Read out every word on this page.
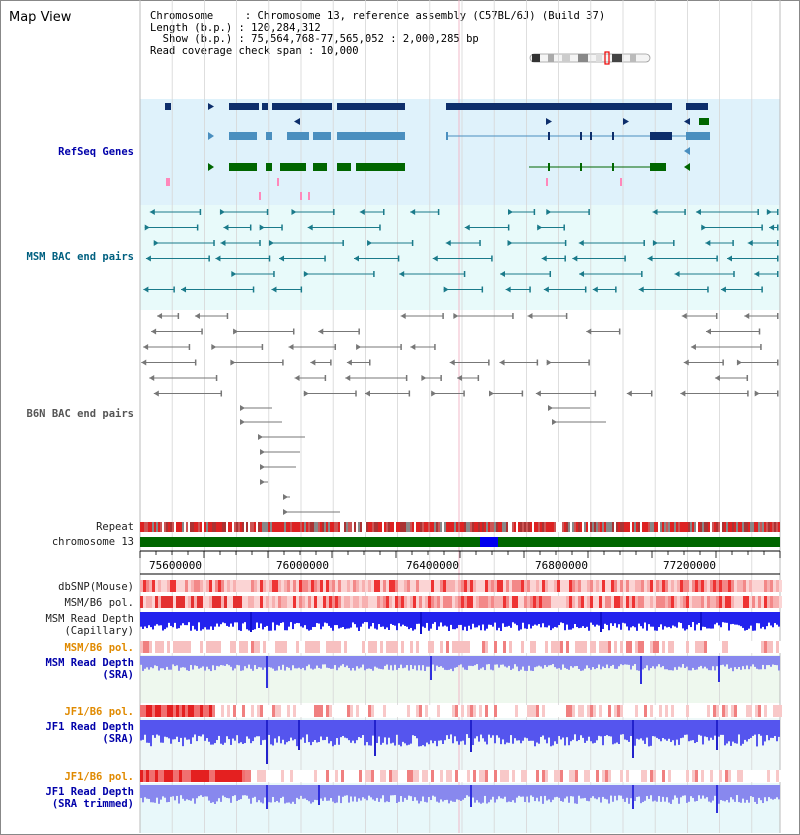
Map View	Chromosome     : Chromosome 13, reference assembly (C57BL/6J) (Build 37)
Length (b.p.) : 120,284,312
Show (b.p.) : 75,564,768-77,565,052 : 2,000,285 bp
Read coverage check span : 10,000
RefSeq Genes
MSM BAC end pairs
B6N BAC end pairs
Repeat
chromosome 13
dbSNP(Mouse)
MSM/B6 pol.
MSM Read Depth
(Capillary)
MSM/B6 pol.
MSM Read Depth
(SRA)
JF1/B6 pol.
JF1 Read Depth
(SRA)
JF1/B6 pol.
JF1 Read Depth
(SRA trimmed)
75600000	76000000	76400000	76800000	77200000
